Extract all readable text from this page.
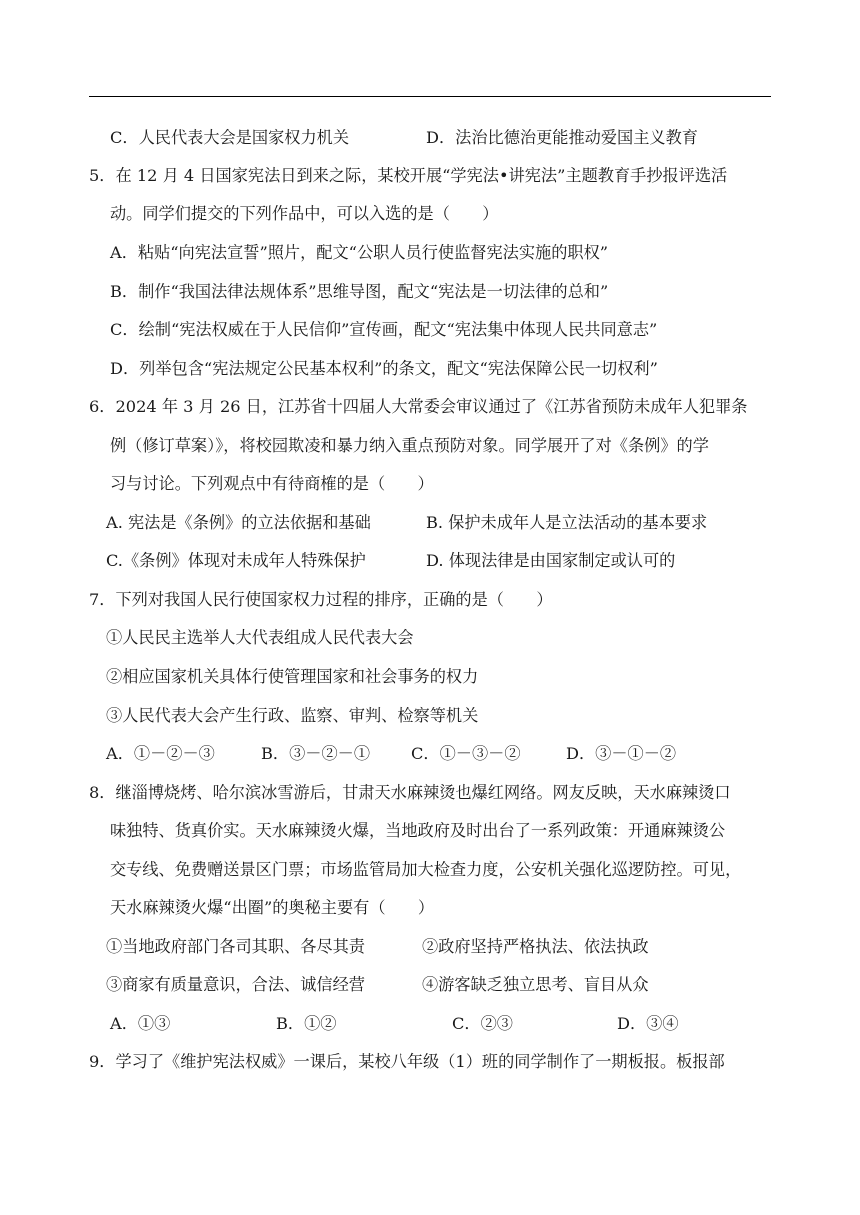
C．人民代表大会是国家权力机关	D．法治比德治更能推动爱国主义教育
5．在 12 月 4 日国家宪法日到来之际，某校开展“学宪法•讲宪法”主题教育手抄报评选活
动。同学们提交的下列作品中，可以入选的是（　　）
A．粘贴“向宪法宣誓”照片，配文“公职人员行使监督宪法实施的职权”
B．制作“我国法律法规体系”思维导图，配文“宪法是一切法律的总和”
C．绘制“宪法权威在于人民信仰”宣传画，配文“宪法集中体现人民共同意志”
D．列举包含“宪法规定公民基本权利”的条文，配文“宪法保障公民一切权利”
6．2024 年 3 月 26 日，江苏省十四届人大常委会审议通过了《江苏省预防未成年人犯罪条
例（修订草案）》，将校园欺凌和暴力纳入重点预防对象。同学展开了对《条例》的学
习与讨论。下列观点中有待商榷的是（　　）
A. 宪法是《条例》的立法依据和基础	B. 保护未成年人是立法活动的基本要求
C.《条例》体现对未成年人特殊保护	D. 体现法律是由国家制定或认可的
7．下列对我国人民行使国家权力过程的排序，正确的是（　　）
①人民民主选举人大代表组成人民代表大会
②相应国家机关具体行使管理国家和社会事务的权力
③人民代表大会产生行政、监察、审判、检察等机关
A．①－②－③	B．③－②－①	C．①－③－②	D．③－①－②
8．继淄博烧烤、哈尔滨冰雪游后，甘肃天水麻辣烫也爆红网络。网友反映，天水麻辣烫口
味独特、货真价实。天水麻辣烫火爆，当地政府及时出台了一系列政策：开通麻辣烫公
交专线、免费赠送景区门票；市场监管局加大检查力度，公安机关强化巡逻防控。可见，
天水麻辣烫火爆“出圈”的奥秘主要有（　　）
①当地政府部门各司其职、各尽其责	②政府坚持严格执法、依法执政
③商家有质量意识，合法、诚信经营	④游客缺乏独立思考、盲目从众
A．①③	B．①②	C．②③	D．③④
9．学习了《维护宪法权威》一课后，某校八年级（1）班的同学制作了一期板报。板报部
